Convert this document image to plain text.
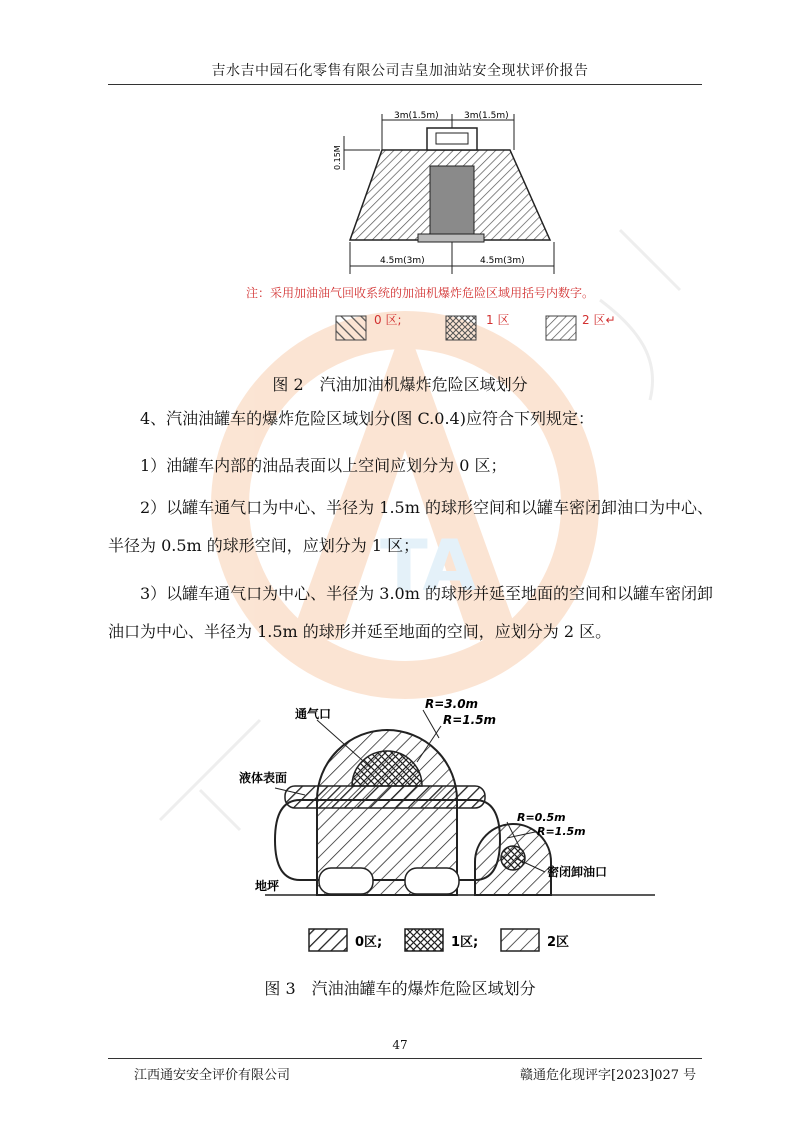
吉水吉中园石化零售有限公司吉皇加油站安全现状评价报告
TA
3m(1.5m)	3m(1.5m)
0.15M
4.5m(3m)	4.5m(3m)
注：采用加油油气回收系统的加油机爆炸危险区域用括号内数字。
0 区;	1 区	2 区↵
图 2　汽油加油机爆炸危险区域划分
4、汽油油罐车的爆炸危险区域划分(图 C.0.4)应符合下列规定：
1）油罐车内部的油品表面以上空间应划分为 0 区；
2）以罐车通气口为中心、半径为 1.5m 的球形空间和以罐车密闭卸油口为中心、半径为 0.5m 的球形空间，应划分为 1 区；
3）以罐车通气口为中心、半径为 3.0m 的球形并延至地面的空间和以罐车密闭卸油口为中心、半径为 1.5m 的球形并延至地面的空间，应划分为 2 区。
R=3.0m
R=1.5m
通气口
液体表面
地坪
R=0.5m
R=1.5m
密闭卸油口
0区;	1区;	2区
图 3　汽油油罐车的爆炸危险区域划分
47
江西通安安全评价有限公司	赣通危化现评字[2023]027 号
